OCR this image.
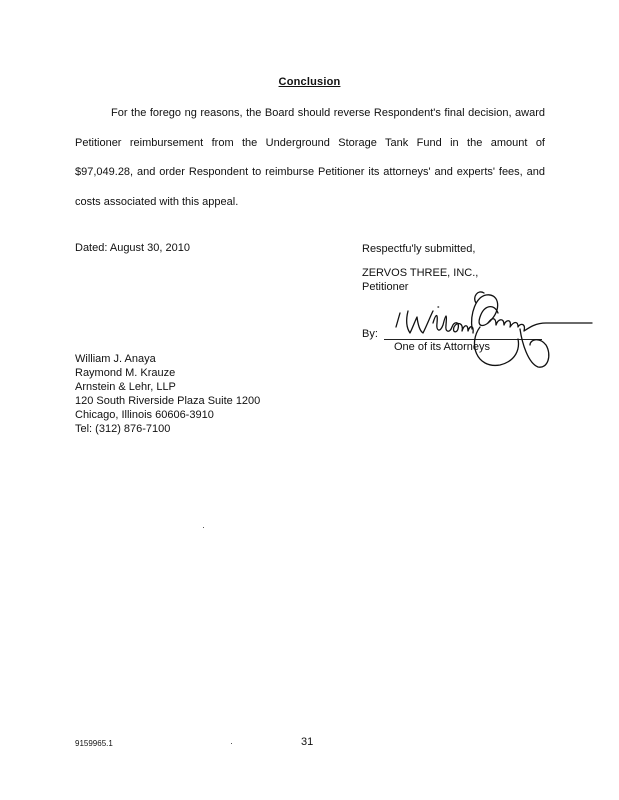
Conclusion

For the forego ng reasons, the Board should reverse Respondent's final decision, award Petitioner reimbursement from the Underground Storage Tank Fund in the amount of $97,049.28, and order Respondent to reimburse Petitioner its attorneys' and experts' fees, and costs associated with this appeal.

Dated: August 30, 2010	Respectfu'ly submitted,
ZERVOS THREE, INC.,
Petitioner
By:
One of its Attorneys
William J. Anaya
Raymond M. Krauze
Arnstein & Lehr, LLP
120 South Riverside Plaza Suite 1200
Chicago, Illinois 60606-3910
Tel: (312) 876-7100
9159965.1	31
